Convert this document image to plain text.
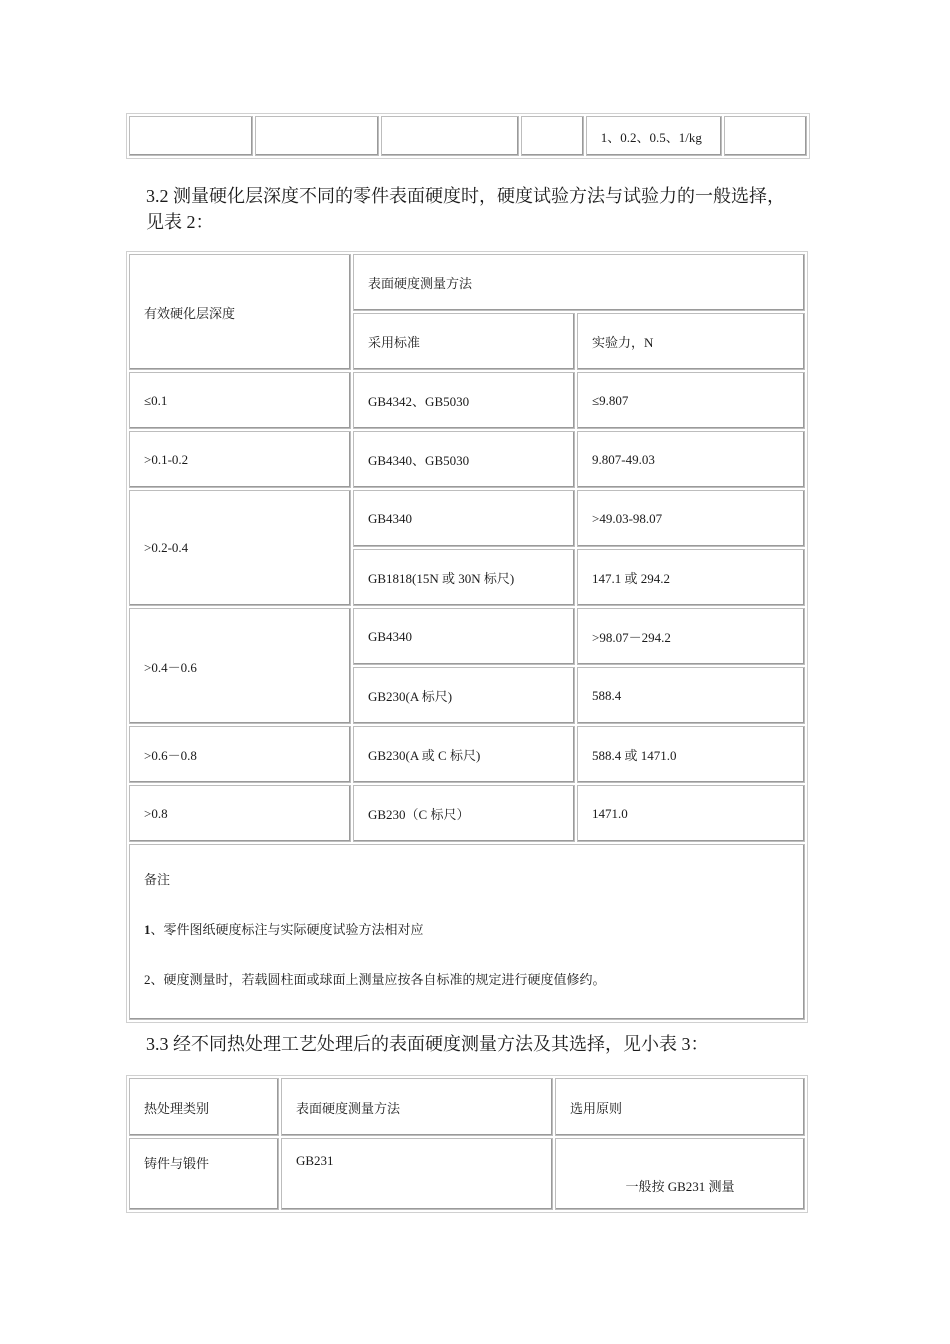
				1、0.2、0.5、1/kg	
3.2 测量硬化层深度不同的零件表面硬度时，硬度试验方法与试验力的一般选择，
见表 2：
有效硬化层深度	表面硬度测量方法	
	采用标准	实验力，N
≤0.1	GB4342、GB5030	≤9.807
>0.1-0.2	GB4340、GB5030	9.807-49.03
>0.2-0.4	GB4340	>49.03-98.07
	GB1818(15N 或 30N 标尺)	147.1 或 294.2
>0.4－0.6	GB4340	>98.07－294.2
	GB230(A 标尺)	588.4
>0.6－0.8	GB230(A 或 C 标尺)	588.4 或 1471.0
>0.8	GB230（C 标尺）	1471.0

备注
1、零件图纸硬度标注与实际硬度试验方法相对应
2、硬度测量时，若载圆柱面或球面上测量应按各自标准的规定进行硬度值修约。		
3.3 经不同热处理工艺处理后的表面硬度测量方法及其选择，见小表 3：
热处理类别	表面硬度测量方法	选用原则
铸件与锻件	GB231	一般按 GB231 测量
